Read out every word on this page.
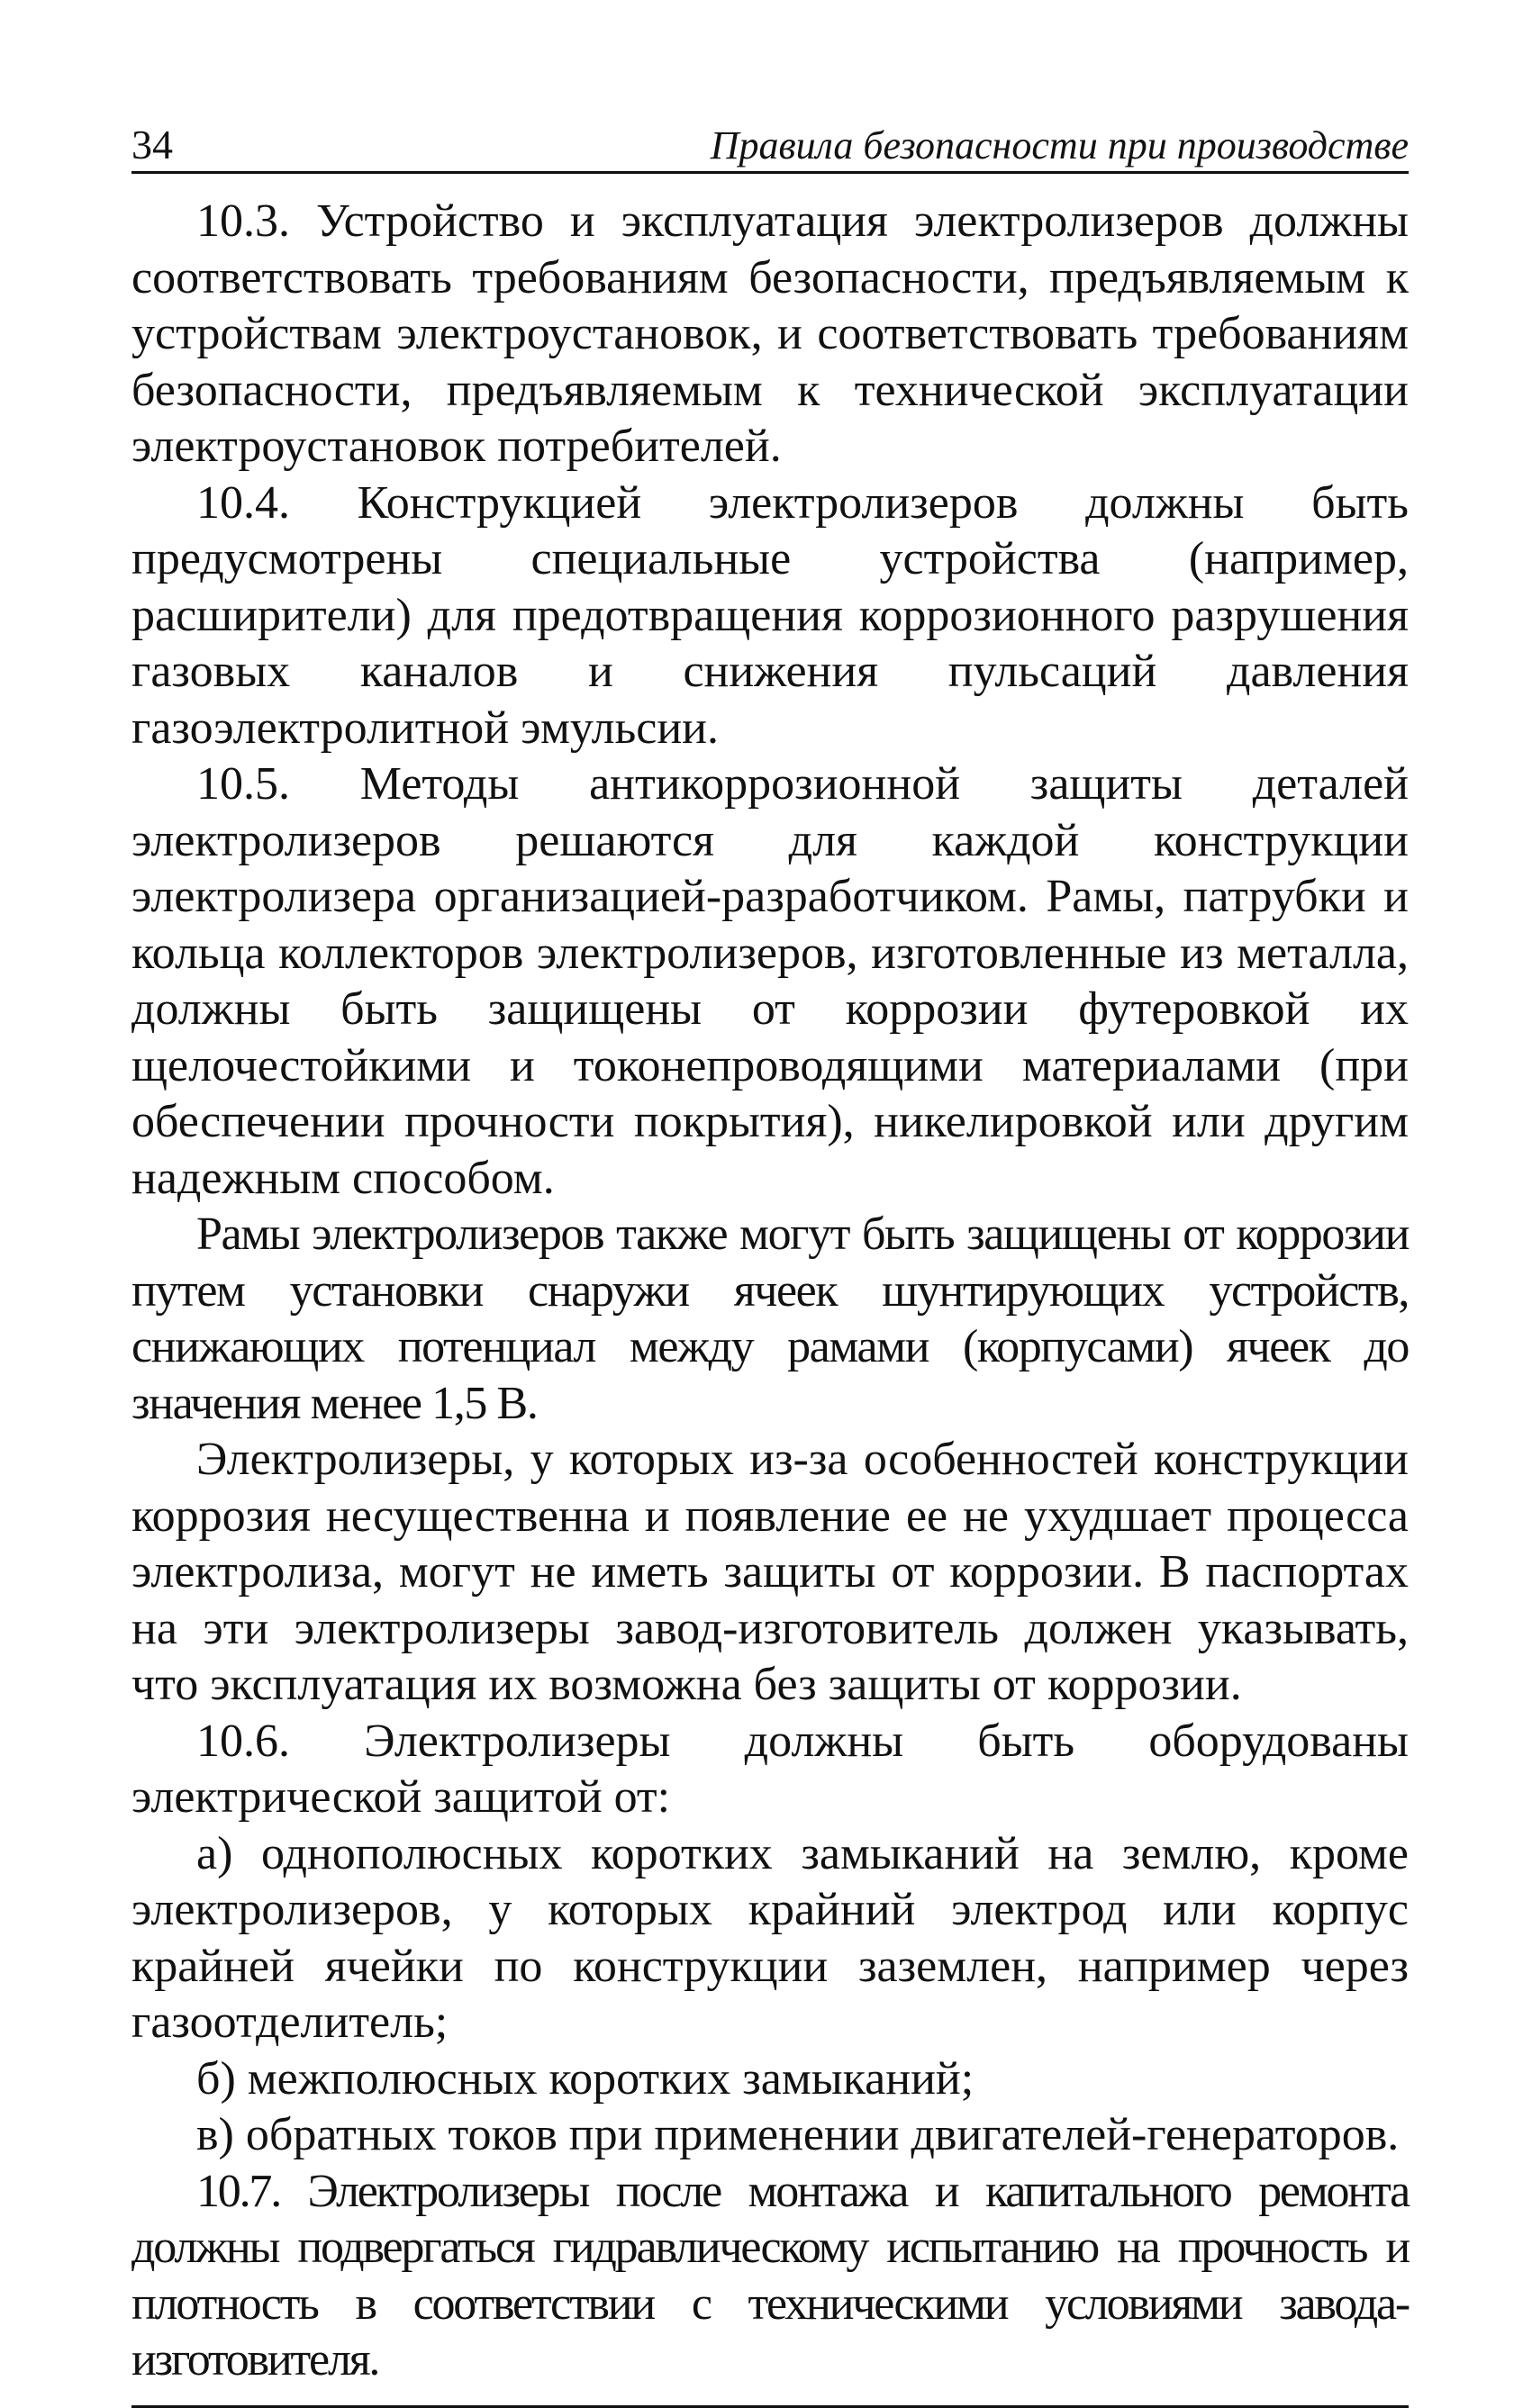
34	Правила безопасности при производстве

10.3. Устройство и эксплуатация электролизеров должны соответствовать требованиям безопасности, предъявляемым к устройствам электроустановок, и соответствовать требованиям безопасности, предъявляемым к технической эксплуатации электроустановок потребителей.

10.4. Конструкцией электролизеров должны быть предусмотрены специальные устройства (например, расширители) для предотвращения коррозионного разрушения газовых каналов и снижения пульсаций давления газоэлектролитной эмульсии.

10.5. Методы антикоррозионной защиты деталей электролизеров решаются для каждой конструкции электролизера организацией-разработчиком. Рамы, патрубки и кольца коллекторов электролизеров, изготовленные из металла, должны быть защищены от коррозии футеровкой их щелочестойкими и токонепроводящими материалами (при обеспечении прочности покрытия), никелировкой или другим надежным способом.

Рамы электролизеров также могут быть защищены от коррозии путем установки снаружи ячеек шунтирующих устройств, снижающих потенциал между рамами (корпусами) ячеек до значения менее 1,5 В.

Электролизеры, у которых из-за особенностей конструкции коррозия несущественна и появление ее не ухудшает процесса электролиза, могут не иметь защиты от коррозии. В паспортах на эти электролизеры завод-изготовитель должен указывать, что эксплуатация их возможна без защиты от коррозии.

10.6. Электролизеры должны быть оборудованы электрической защитой от:

а) однополюсных коротких замыканий на землю, кроме электролизеров, у которых крайний электрод или корпус крайней ячейки по конструкции заземлен, например через газоотделитель;

б) межполюсных коротких замыканий;

в) обратных токов при применении двигателей-генераторов.

10.7. Электролизеры после монтажа и капитального ремонта должны подвергаться гидравлическому испытанию на прочность и плотность в соответствии с техническими условиями завода-изготовителя.
